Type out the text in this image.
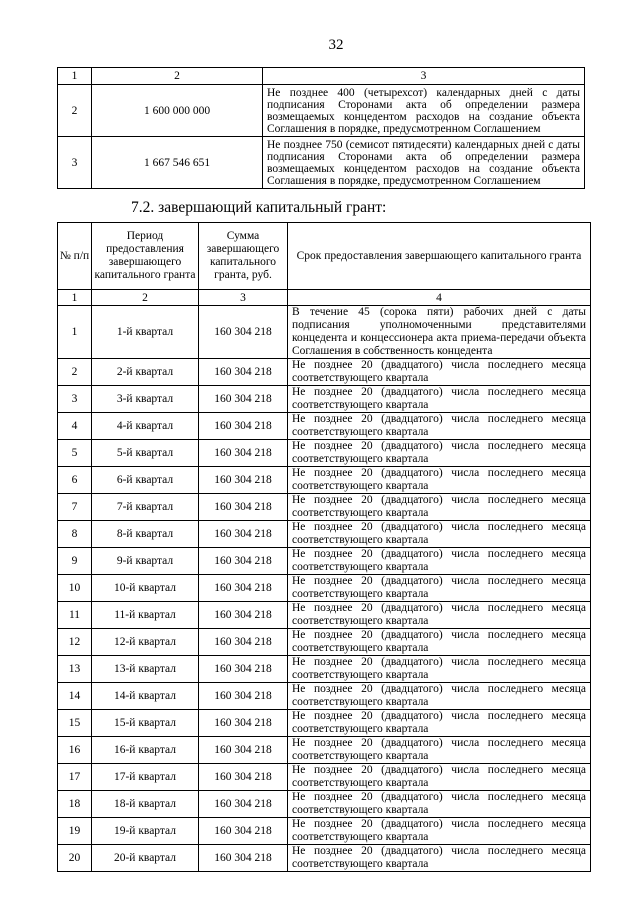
32
1	2	3
2	1 600 000 000	Не позднее 400 (четырехсот) календарных дней с даты подписания Сторонами акта об определении размера возмещаемых концедентом расходов на создание объекта Соглашения в порядке, предусмотренном Соглашением
3	1 667 546 651	Не позднее 750 (семисот пятидесяти) календарных дней с даты подписания Сторонами акта об определении размера возмещаемых концедентом расходов на создание объекта Соглашения в порядке, предусмотренном Соглашением
7.2. завершающий капитальный грант:
№ п/п	Период предоставления завершающего капитального гранта	Сумма завершающего капитального гранта, руб.	Срок предоставления завершающего капитального гранта
1	2	3	4
1	1-й квартал	160 304 218	В течение 45 (сорока пяти) рабочих дней с даты подписания уполномоченными представителями концедента и концессионера акта приема-передачи объекта Соглашения в собственность концедента
2	2-й квартал	160 304 218	Не позднее 20 (двадцатого) числа последнего месяца соответствующего квартала
3	3-й квартал	160 304 218	Не позднее 20 (двадцатого) числа последнего месяца соответствующего квартала
4	4-й квартал	160 304 218	Не позднее 20 (двадцатого) числа последнего месяца соответствующего квартала
5	5-й квартал	160 304 218	Не позднее 20 (двадцатого) числа последнего месяца соответствующего квартала
6	6-й квартал	160 304 218	Не позднее 20 (двадцатого) числа последнего месяца соответствующего квартала
7	7-й квартал	160 304 218	Не позднее 20 (двадцатого) числа последнего месяца соответствующего квартала
8	8-й квартал	160 304 218	Не позднее 20 (двадцатого) числа последнего месяца соответствующего квартала
9	9-й квартал	160 304 218	Не позднее 20 (двадцатого) числа последнего месяца соответствующего квартала
10	10-й квартал	160 304 218	Не позднее 20 (двадцатого) числа последнего месяца соответствующего квартала
11	11-й квартал	160 304 218	Не позднее 20 (двадцатого) числа последнего месяца соответствующего квартала
12	12-й квартал	160 304 218	Не позднее 20 (двадцатого) числа последнего месяца соответствующего квартала
13	13-й квартал	160 304 218	Не позднее 20 (двадцатого) числа последнего месяца соответствующего квартала
14	14-й квартал	160 304 218	Не позднее 20 (двадцатого) числа последнего месяца соответствующего квартала
15	15-й квартал	160 304 218	Не позднее 20 (двадцатого) числа последнего месяца соответствующего квартала
16	16-й квартал	160 304 218	Не позднее 20 (двадцатого) числа последнего месяца соответствующего квартала
17	17-й квартал	160 304 218	Не позднее 20 (двадцатого) числа последнего месяца соответствующего квартала
18	18-й квартал	160 304 218	Не позднее 20 (двадцатого) числа последнего месяца соответствующего квартала
19	19-й квартал	160 304 218	Не позднее 20 (двадцатого) числа последнего месяца соответствующего квартала
20	20-й квартал	160 304 218	Не позднее 20 (двадцатого) числа последнего месяца соответствующего квартала
